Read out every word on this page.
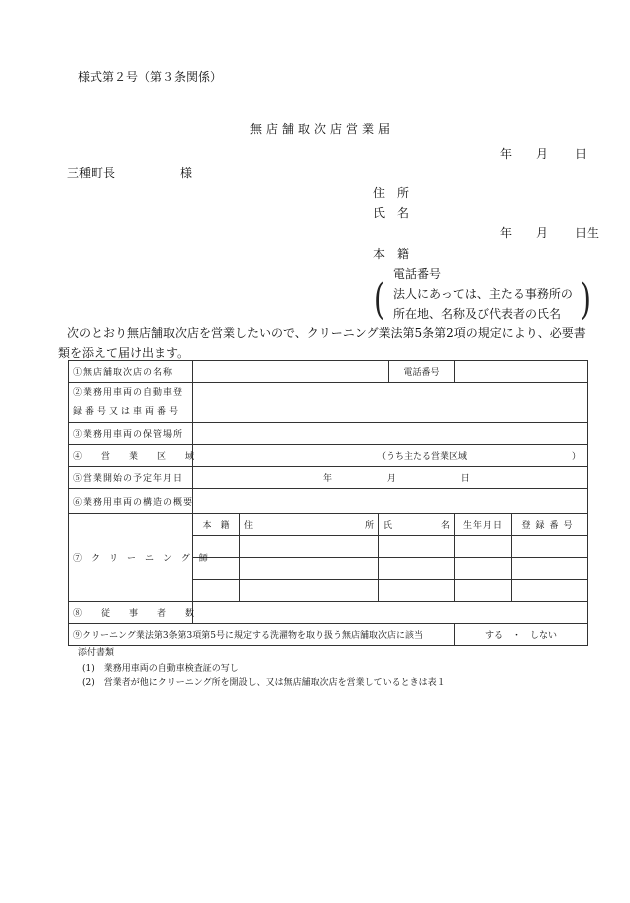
様式第２号（第３条関係）
無店舗取次店営業届
年 月 日
三種町長	様
住　所
氏　名
年 月 日生
本　籍
電話番号
( 法人にあっては、主たる事務所の
所在地、名称及び代表者の氏名 )
次のとおり無店舗取次店を営業したいので、クリーニング業法第5条第2項の規定により、必要書
類を添えて届け出ます。
①無店舗取次店の名称				電話番号		

②業務用車両の自動車登
録番号又は車両番号						

③業務用車両の保管場所						
④　営　業　区　域	（うち主たる営業区域 ）					

⑤営業開始の予定年月日	年 月 日					
⑥業務用車両の構造の概要						
⑦クリーニング師	本　籍	住 所	氏 名		生年月日	登録番号

⑧　従　事　者　数						
⑨クリーニング業法第3条第3項第5号に規定する洗濯物を取り扱う無店舗取次店に該当					する　・　しない	
添付書類
(1)　業務用車両の自動車検査証の写し
(2)　営業者が他にクリーニング所を開設し、又は無店舗取次店を営業しているときは表１
